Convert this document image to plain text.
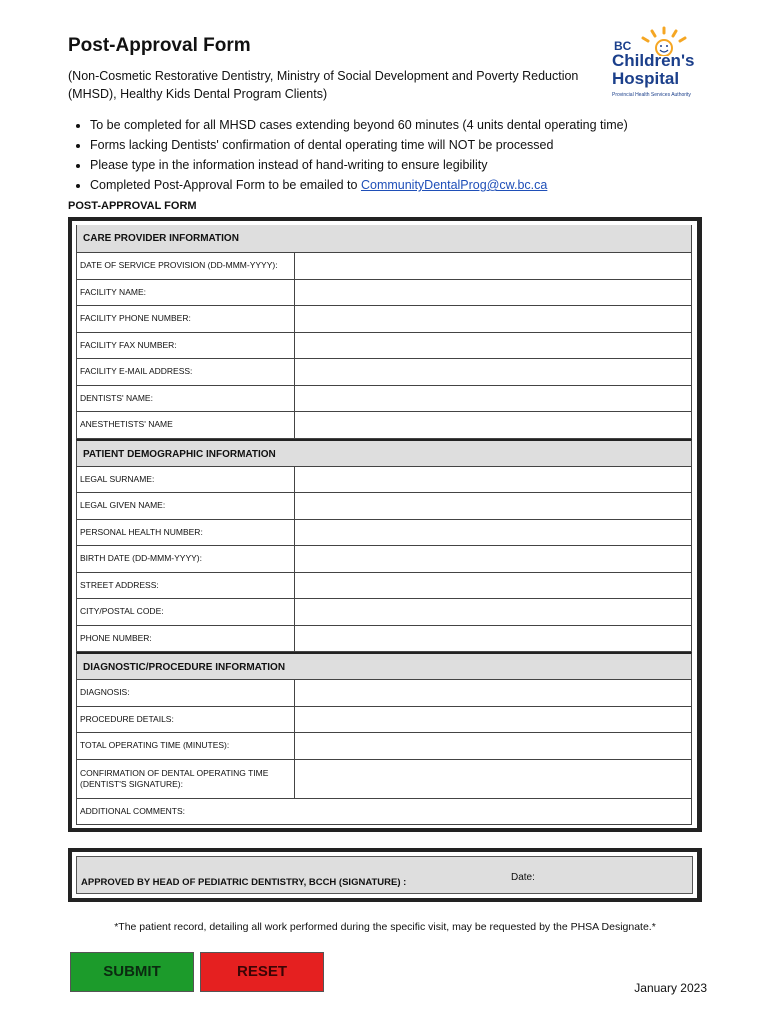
Post-Approval Form
(Non-Cosmetic Restorative Dentistry, Ministry of Social Development and Poverty Reduction (MHSD), Healthy Kids Dental Program Clients)
BC
Children's
Hospital
Provincial Health Services Authority
• To be completed for all MHSD cases extending beyond 60 minutes (4 units dental operating time)
• Forms lacking Dentists' confirmation of dental operating time will NOT be processed
• Please type in the information instead of hand-writing to ensure legibility
• Completed Post-Approval Form to be emailed to CommunityDentalProg@cw.bc.ca
POST-APPROVAL FORM
CARE PROVIDER INFORMATION
DATE OF SERVICE PROVISION (DD-MMM-YYYY):
FACILITY NAME:
FACILITY PHONE NUMBER:
FACILITY FAX NUMBER:
FACILITY E-MAIL ADDRESS:
DENTISTS' NAME:
ANESTHETISTS' NAME
PATIENT DEMOGRAPHIC INFORMATION
LEGAL SURNAME:
LEGAL GIVEN NAME:
PERSONAL HEALTH NUMBER:
BIRTH DATE (DD-MMM-YYYY):
STREET ADDRESS:
CITY/POSTAL CODE:
PHONE NUMBER:
DIAGNOSTIC/PROCEDURE INFORMATION
DIAGNOSIS:
PROCEDURE DETAILS:
TOTAL OPERATING TIME (MINUTES):
CONFIRMATION OF DENTAL OPERATING TIME (DENTIST'S SIGNATURE):
ADDITIONAL COMMENTS:
APPROVED BY HEAD OF PEDIATRIC DENTISTRY, BCCH (SIGNATURE) :	Date:
*The patient record, detailing all work performed during the specific visit, may be requested by the PHSA Designate.*
SUBMIT	RESET
January 2023
